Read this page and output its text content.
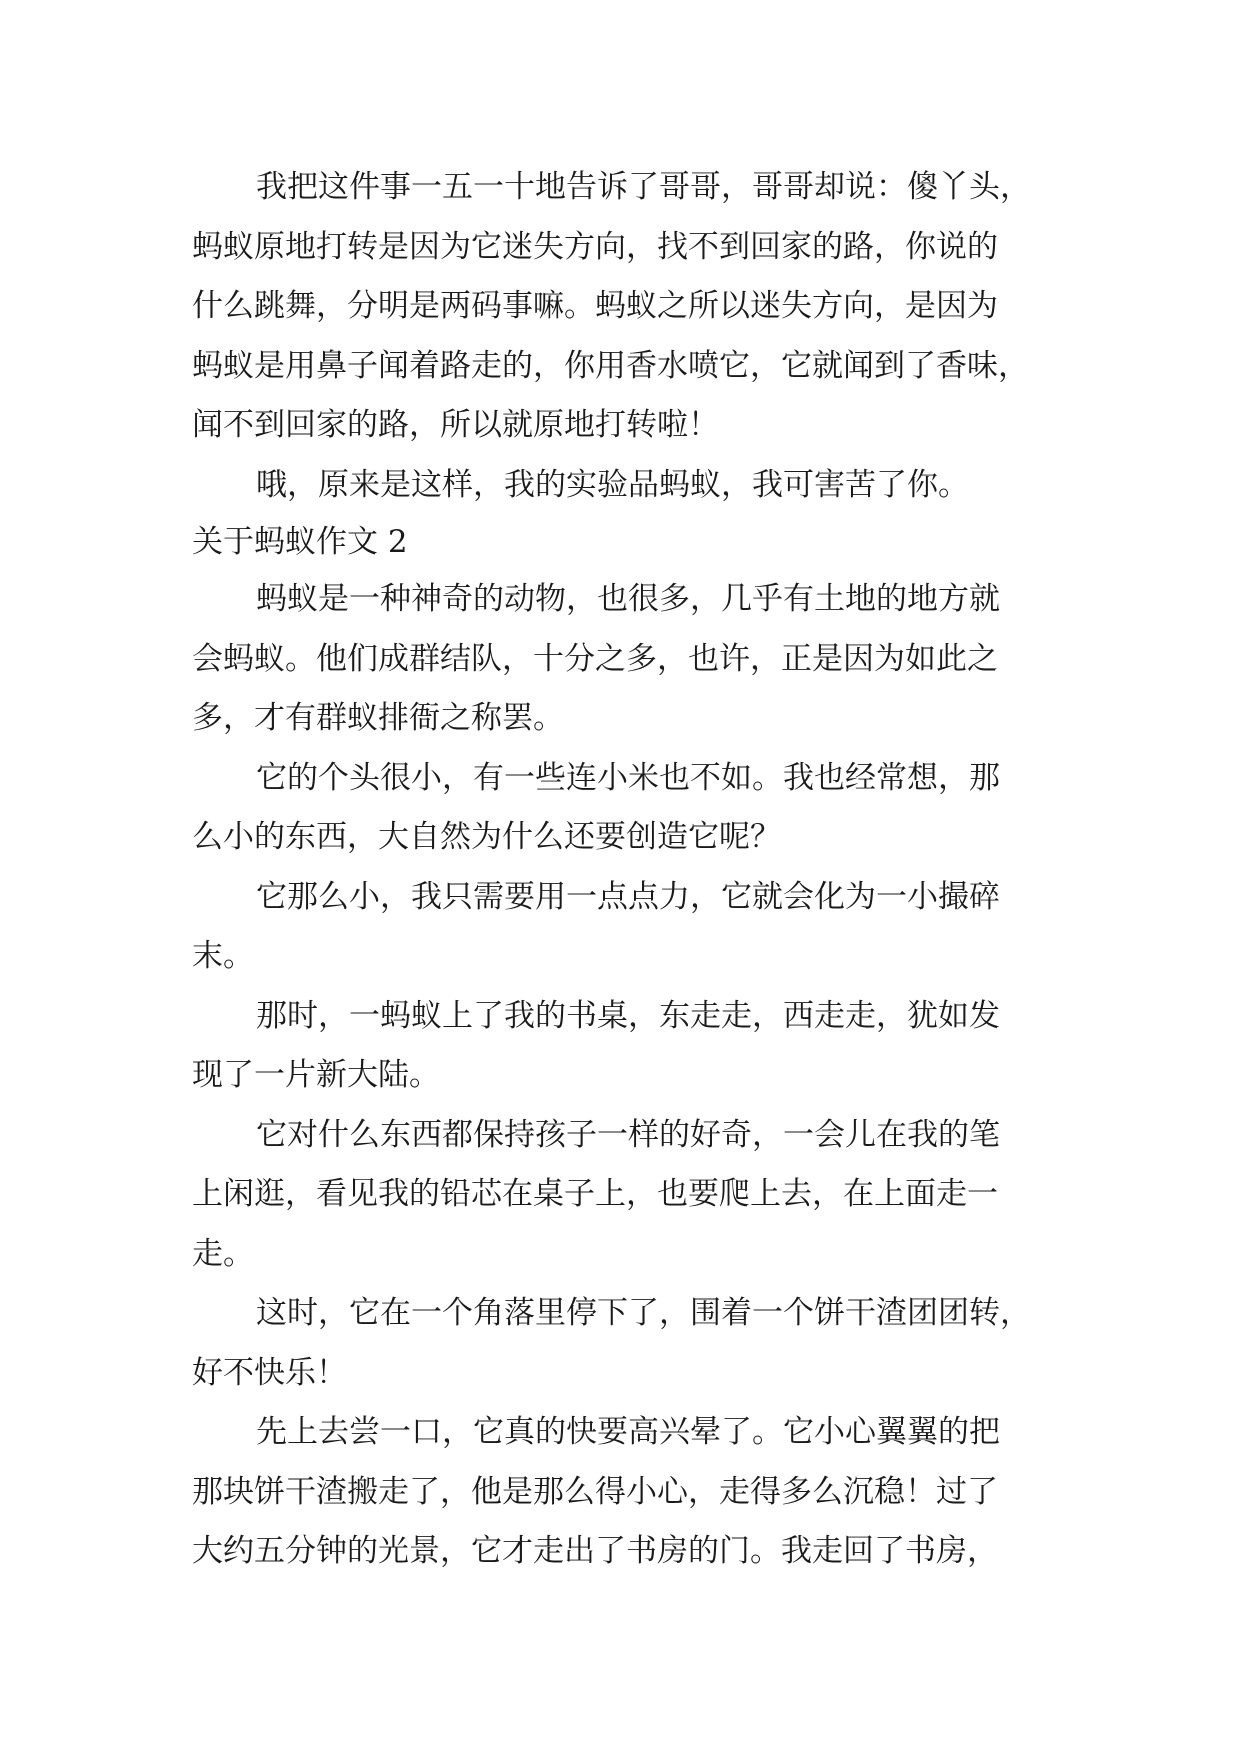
我把这件事一五一十地告诉了哥哥，哥哥却说：傻丫头，
蚂蚁原地打转是因为它迷失方向，找不到回家的路，你说的
什么跳舞，分明是两码事嘛。蚂蚁之所以迷失方向，是因为
蚂蚁是用鼻子闻着路走的，你用香水喷它，它就闻到了香味，
闻不到回家的路，所以就原地打转啦！
哦，原来是这样，我的实验品蚂蚁，我可害苦了你。
关于蚂蚁作文 2
蚂蚁是一种神奇的动物，也很多，几乎有土地的地方就
会蚂蚁。他们成群结队，十分之多，也许，正是因为如此之
多，才有群蚁排衙之称罢。
它的个头很小，有一些连小米也不如。我也经常想，那
么小的东西，大自然为什么还要创造它呢？
它那么小，我只需要用一点点力，它就会化为一小撮碎
末。
那时，一蚂蚁上了我的书桌，东走走，西走走，犹如发
现了一片新大陆。
它对什么东西都保持孩子一样的好奇，一会儿在我的笔
上闲逛，看见我的铅芯在桌子上，也要爬上去，在上面走一
走。
这时，它在一个角落里停下了，围着一个饼干渣团团转，
好不快乐！
先上去尝一口，它真的快要高兴晕了。它小心翼翼的把
那块饼干渣搬走了，他是那么得小心，走得多么沉稳！过了
大约五分钟的光景，它才走出了书房的门。我走回了书房，
